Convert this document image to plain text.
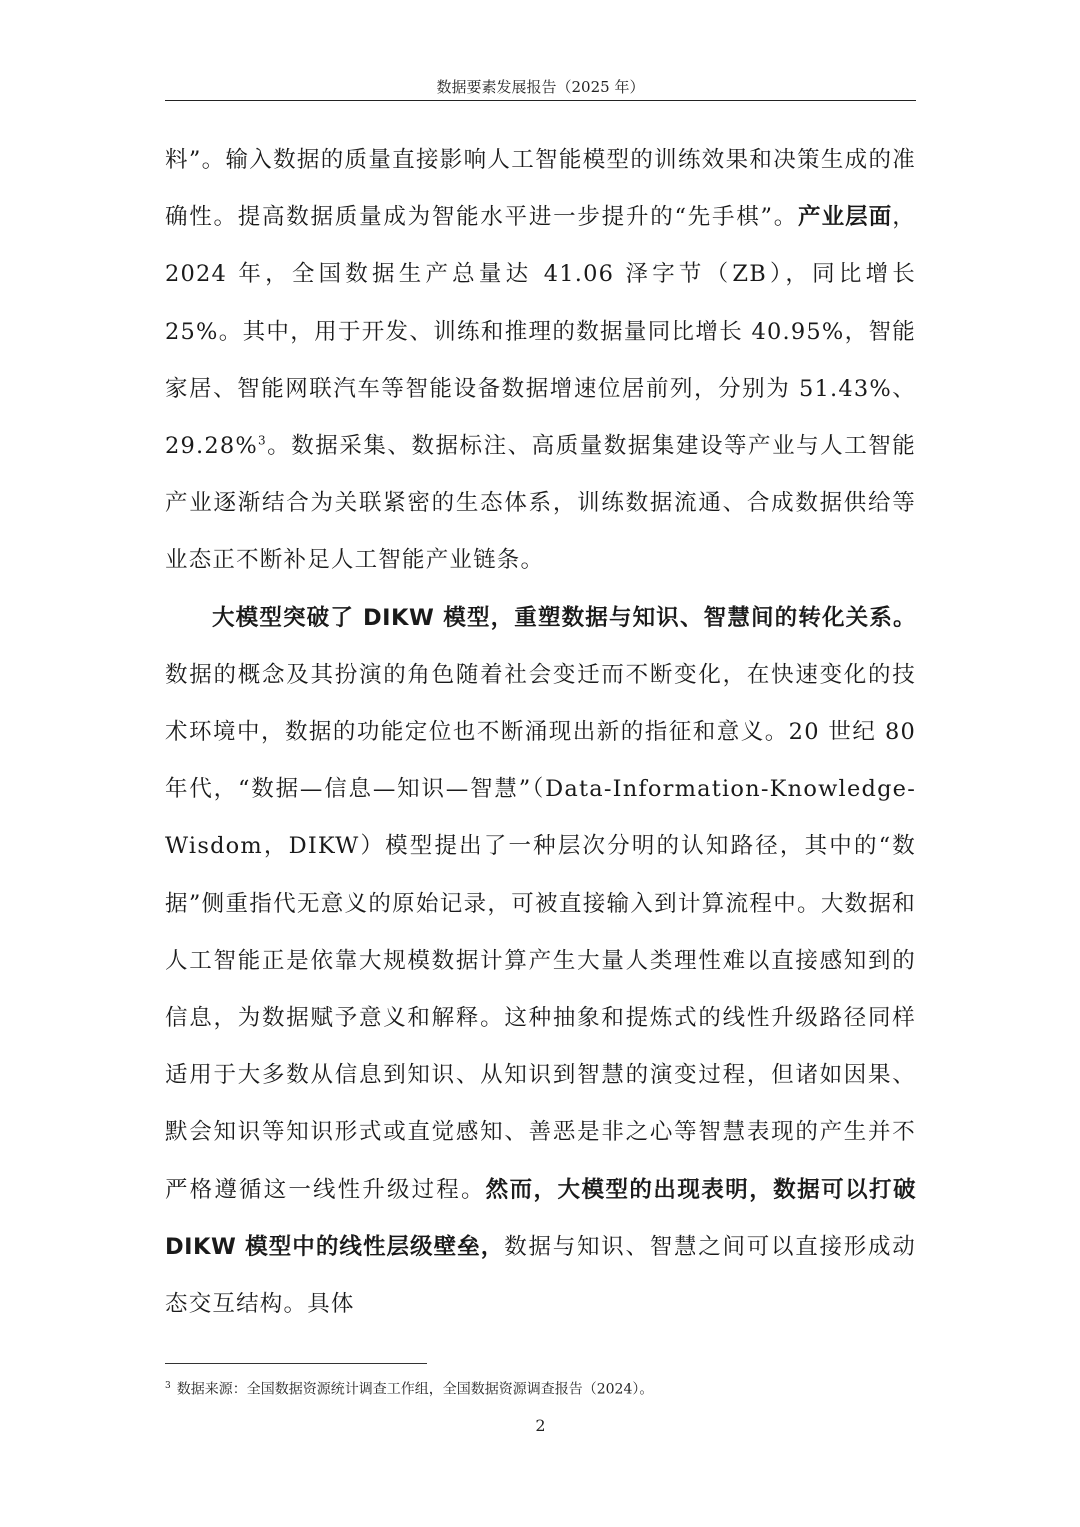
数据要素发展报告（2025 年）

料”。输入数据的质量直接影响人工智能模型的训练效果和决策生成的准确性。提高数据质量成为智能水平进一步提升的“先手棋”。产业层面，2024 年，全国数据生产总量达 41.06 泽字节（ZB），同比增长 25%。其中，用于开发、训练和推理的数据量同比增长 40.95%，智能家居、智能网联汽车等智能设备数据增速位居前列，分别为 51.43%、29.28%$^3$。数据采集、数据标注、高质量数据集建设等产业与人工智能产业逐渐结合为关联紧密的生态体系，训练数据流通、合成数据供给等业态正不断补足人工智能产业链条。

大模型突破了 DIKW 模型，重塑数据与知识、智慧间的转化关系。数据的概念及其扮演的角色随着社会变迁而不断变化，在快速变化的技术环境中，数据的功能定位也不断涌现出新的指征和意义。20 世纪 80 年代，“数据—信息—知识—智慧”（Data-Information-Knowledge-Wisdom，DIKW）模型提出了一种层次分明的认知路径，其中的“数据”侧重指代无意义的原始记录，可被直接输入到计算流程中。大数据和人工智能正是依靠大规模数据计算产生大量人类理性难以直接感知到的信息，为数据赋予意义和解释。这种抽象和提炼式的线性升级路径同样适用于大多数从信息到知识、从知识到智慧的演变过程，但诸如因果、默会知识等知识形式或直觉感知、善恶是非之心等智慧表现的产生并不严格遵循这一线性升级过程。然而，大模型的出现表明，数据可以打破 DIKW 模型中的线性层级壁垒，数据与知识、智慧之间可以直接形成动态交互结构。具体

$^3$ 数据来源：全国数据资源统计调查工作组，全国数据资源调查报告（2024）。
2
